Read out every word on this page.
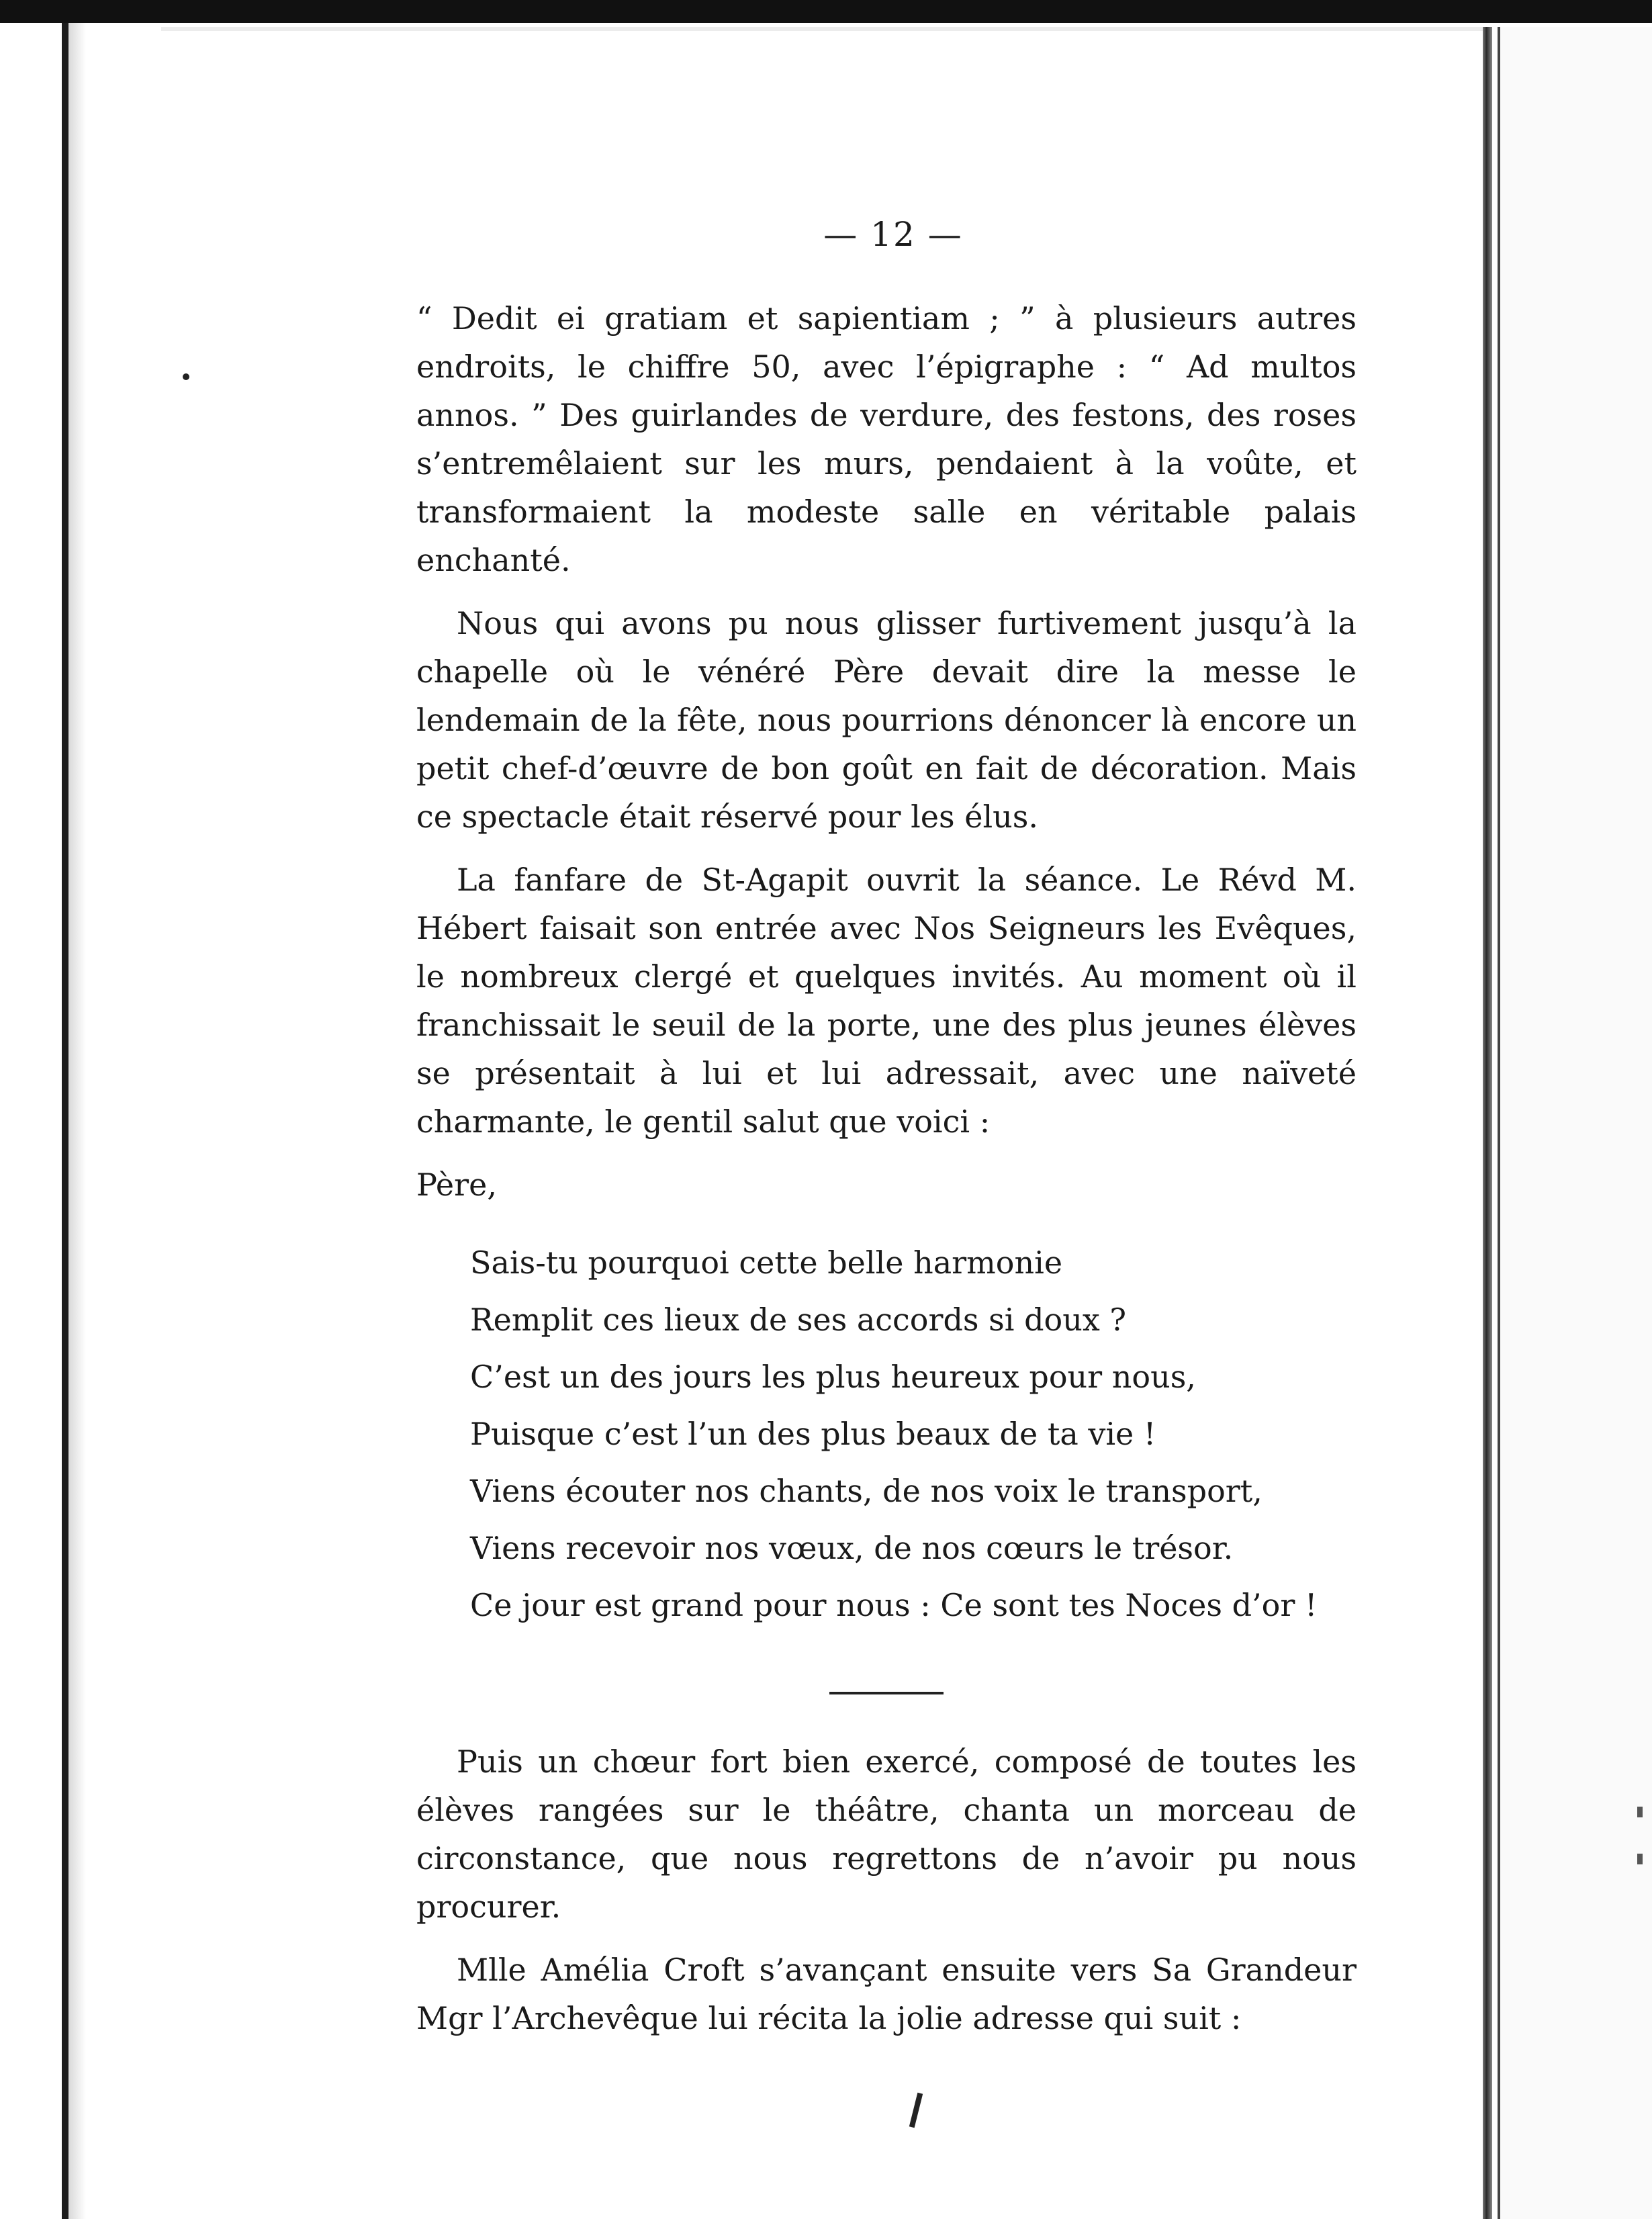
— 12 —

“ Dedit ei gratiam et sapientiam ; ” à plusieurs autres endroits, le chiffre 50, avec l’épigraphe : “ Ad multos annos. ” Des guirlandes de verdure, des festons, des roses s’entremêlaient sur les murs, pendaient à la voûte, et transformaient la modeste salle en véritable palais enchanté.

Nous qui avons pu nous glisser furtivement jusqu’à la chapelle où le vénéré Père devait dire la messe le lendemain de la fête, nous pourrions dénoncer là encore un petit chef-d’œuvre de bon goût en fait de décoration. Mais ce spectacle était réservé pour les élus.

La fanfare de St-Agapit ouvrit la séance. Le Révd M. Hébert faisait son entrée avec Nos Seigneurs les Evêques, le nombreux clergé et quelques invités. Au moment où il franchissait le seuil de la porte, une des plus jeunes élèves se présentait à lui et lui adressait, avec une naïveté charmante, le gentil salut que voici :

Père,
Sais-tu pourquoi cette belle harmonie
Remplit ces lieux de ses accords si doux ?
C’est un des jours les plus heureux pour nous,
Puisque c’est l’un des plus beaux de ta vie !
Viens écouter nos chants, de nos voix le transport,
Viens recevoir nos vœux, de nos cœurs le trésor.
Ce jour est grand pour nous : Ce sont tes Noces d’or !

Puis un chœur fort bien exercé, composé de toutes les élèves rangées sur le théâtre, chanta un morceau de circonstance, que nous regrettons de n’avoir pu nous procurer.

Mlle Amélia Croft s’avançant ensuite vers Sa Grandeur Mgr l’Archevêque lui récita la jolie adresse qui suit :
